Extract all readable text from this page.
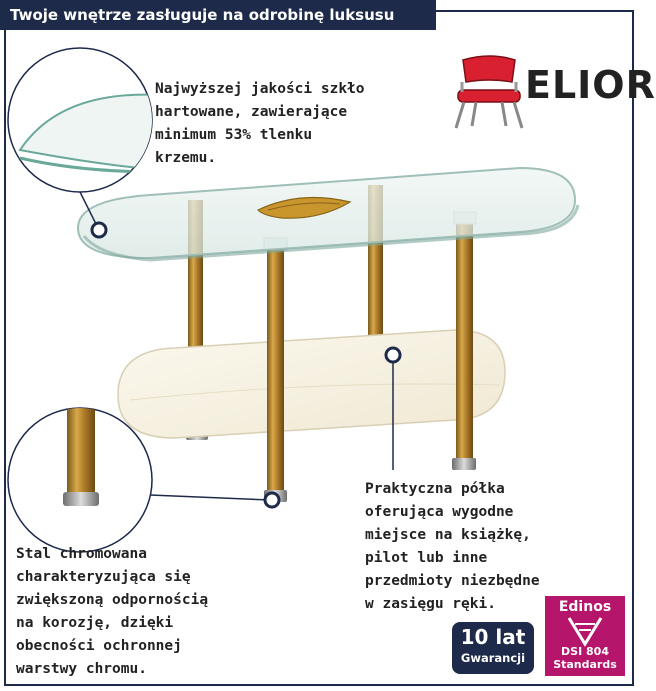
Twoje wnętrze zasługuje na odrobinę luksusu
ELIOR
Najwyższej jakości szkło
hartowane, zawierające
minimum 53% tlenku
krzemu.
Praktyczna półka
oferująca wygodne
miejsce na książkę,
pilot lub inne
przedmioty niezbędne
w zasięgu ręki.
Stal chromowana
charakteryzująca się
zwiększoną odpornością
na korozję, dzięki
obecności ochronnej
warstwy chromu.
10 lat
Gwarancji
Edinos
DSI 804
Standards
